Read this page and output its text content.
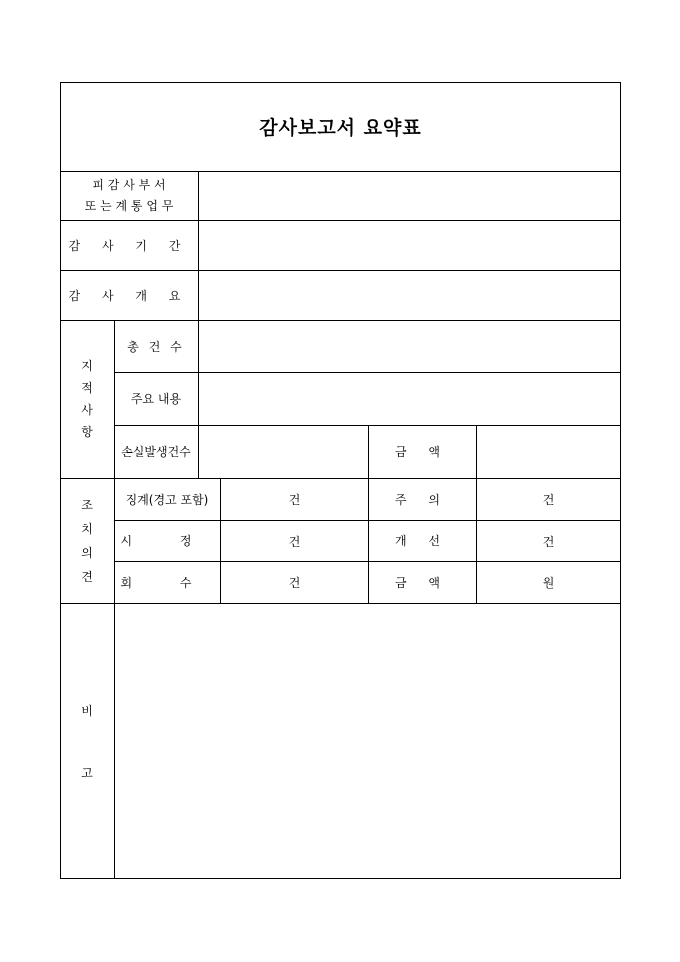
감사보고서 요약표
피 감 사 부 서
또 는 계 통 업 무
감 사 기 간
감 사 개 요
지
적
사
항
총 건 수
주요 내용
손실발생건수	금 액
조
치
의
견
징계(경고 포함)	건	주 의	건
시 정	건	개 선	건
회 수	건	금 액	원
비
고
